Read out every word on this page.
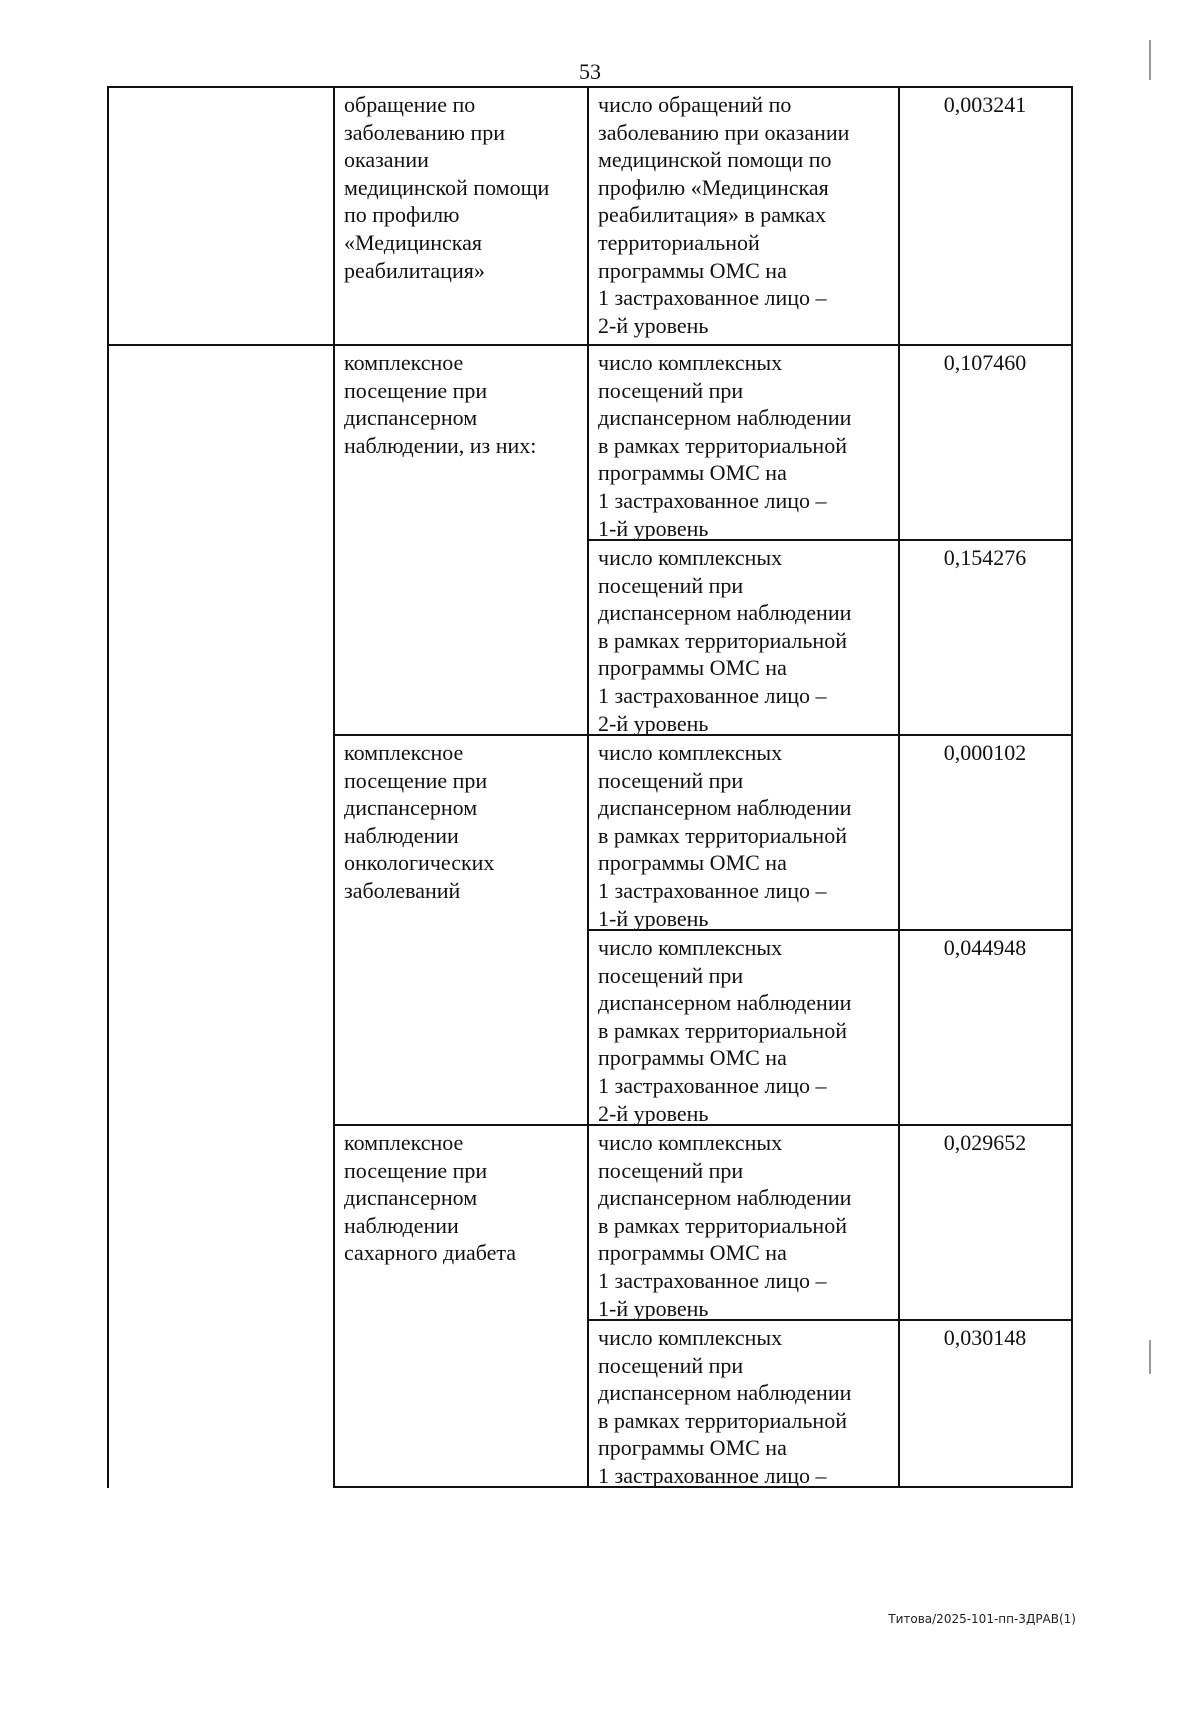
53
обращение по
заболеванию при
оказании
медицинской помощи
по профилю
«Медицинская
реабилитация»
число обращений по
заболеванию при оказании
медицинской помощи по
профилю «Медицинская
реабилитация» в рамках
территориальной
программы ОМС на
1 застрахованное лицо –
2-й уровень
0,003241
комплексное
посещение при
диспансерном
наблюдении, из них:
число комплексных
посещений при
диспансерном наблюдении
в рамках территориальной
программы ОМС на
1 застрахованное лицо –
1-й уровень
0,107460
число комплексных
посещений при
диспансерном наблюдении
в рамках территориальной
программы ОМС на
1 застрахованное лицо –
2-й уровень
0,154276
комплексное
посещение при
диспансерном
наблюдении
онкологических
заболеваний
число комплексных
посещений при
диспансерном наблюдении
в рамках территориальной
программы ОМС на
1 застрахованное лицо –
1-й уровень
0,000102
число комплексных
посещений при
диспансерном наблюдении
в рамках территориальной
программы ОМС на
1 застрахованное лицо –
2-й уровень
0,044948
комплексное
посещение при
диспансерном
наблюдении
сахарного диабета
число комплексных
посещений при
диспансерном наблюдении
в рамках территориальной
программы ОМС на
1 застрахованное лицо –
1-й уровень
0,029652
число комплексных
посещений при
диспансерном наблюдении
в рамках территориальной
программы ОМС на
1 застрахованное лицо –
0,030148
Титова/2025-101-пп-3ДРАВ(1)
